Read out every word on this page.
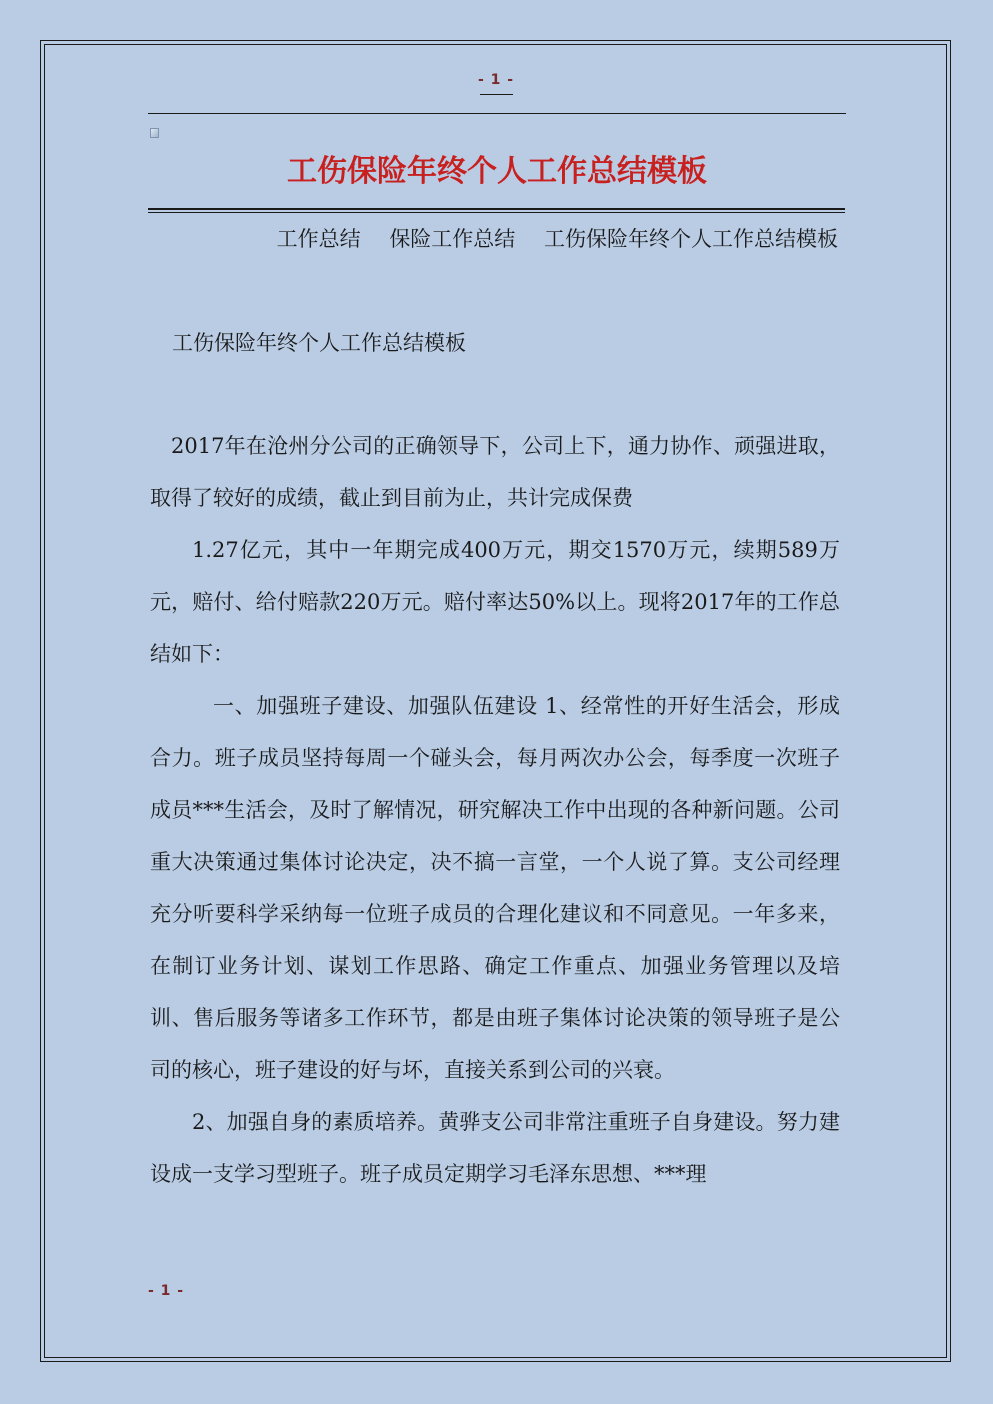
- 1 -
工伤保险年终个人工作总结模板
工作总结 保险工作总结 工伤保险年终个人工作总结模板
工伤保险年终个人工作总结模板

2017年在沧州分公司的正确领导下，公司上下，通力协作、顽强进取，取得了较好的成绩，截止到目前为止，共计完成保费

1.27亿元，其中一年期完成400万元，期交1570万元，续期589万元，赔付、给付赔款220万元。赔付率达50%以上。现将2017年的工作总结如下：

一、加强班子建设、加强队伍建设 1、经常性的开好生活会，形成合力。班子成员坚持每周一个碰头会，每月两次办公会，每季度一次班子成员***生活会，及时了解情况，研究解决工作中出现的各种新问题。公司重大决策通过集体讨论决定，决不搞一言堂，一个人说了算。支公司经理充分听要科学采纳每一位班子成员的合理化建议和不同意见。一年多来，在制订业务计划、谋划工作思路、确定工作重点、加强业务管理以及培训、售后服务等诸多工作环节，都是由班子集体讨论决策的领导班子是公司的核心，班子建设的好与坏，直接关系到公司的兴衰。

2、加强自身的素质培养。黄骅支公司非常注重班子自身建设。努力建设成一支学习型班子。班子成员定期学习毛泽东思想、***理

- 1 -
